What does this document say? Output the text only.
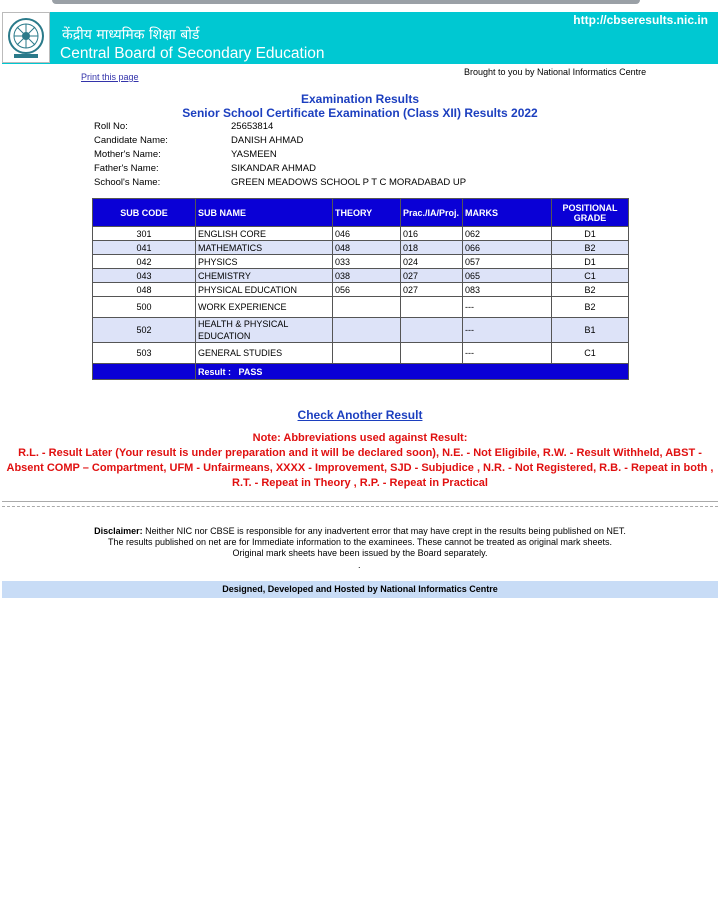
केंद्रीय माध्यमिक शिक्षा बोर्ड
Central Board of Secondary Education
http://cbseresults.nic.in
Print this page	Brought to you by National Informatics Centre
Examination Results
Senior School Certificate Examination (Class XII) Results 2022
Roll No:	25653814
Candidate Name:	DANISH AHMAD
Mother's Name:	YASMEEN
Father's Name:	SIKANDAR AHMAD
School's Name:	GREEN MEADOWS SCHOOL P T C MORADABAD UP
SUB CODE	SUB NAME	THEORY	Prac./IA/Proj.	MARKS	POSITIONAL GRADE
301	ENGLISH CORE	046	016	062	D1
041	MATHEMATICS	048	018	066	B2
042	PHYSICS	033	024	057	D1
043	CHEMISTRY	038	027	065	C1
048	PHYSICAL EDUCATION	056	027	083	B2
500	WORK EXPERIENCE			---	B2
502	HEALTH & PHYSICAL EDUCATION			---	B1
503	GENERAL STUDIES			---	C1
	Result : PASS				
Check Another Result
Note: Abbreviations used against Result:
R.L. - Result Later (Your result is under preparation and it will be declared soon), N.E. - Not Eligibile, R.W. - Result Withheld, ABST - Absent COMP – Compartment, UFM - Unfairmeans, XXXX - Improvement, SJD - Subjudice , N.R. - Not Registered, R.B. - Repeat in both , R.T. - Repeat in Theory , R.P. - Repeat in Practical
Disclaimer: Neither NIC nor CBSE is responsible for any inadvertent error that may have crept in the results being published on NET. The results published on net are for Immediate information to the examinees. These cannot be treated as original mark sheets. Original mark sheets have been issued by the Board separately.
.
Designed, Developed and Hosted by National Informatics Centre
